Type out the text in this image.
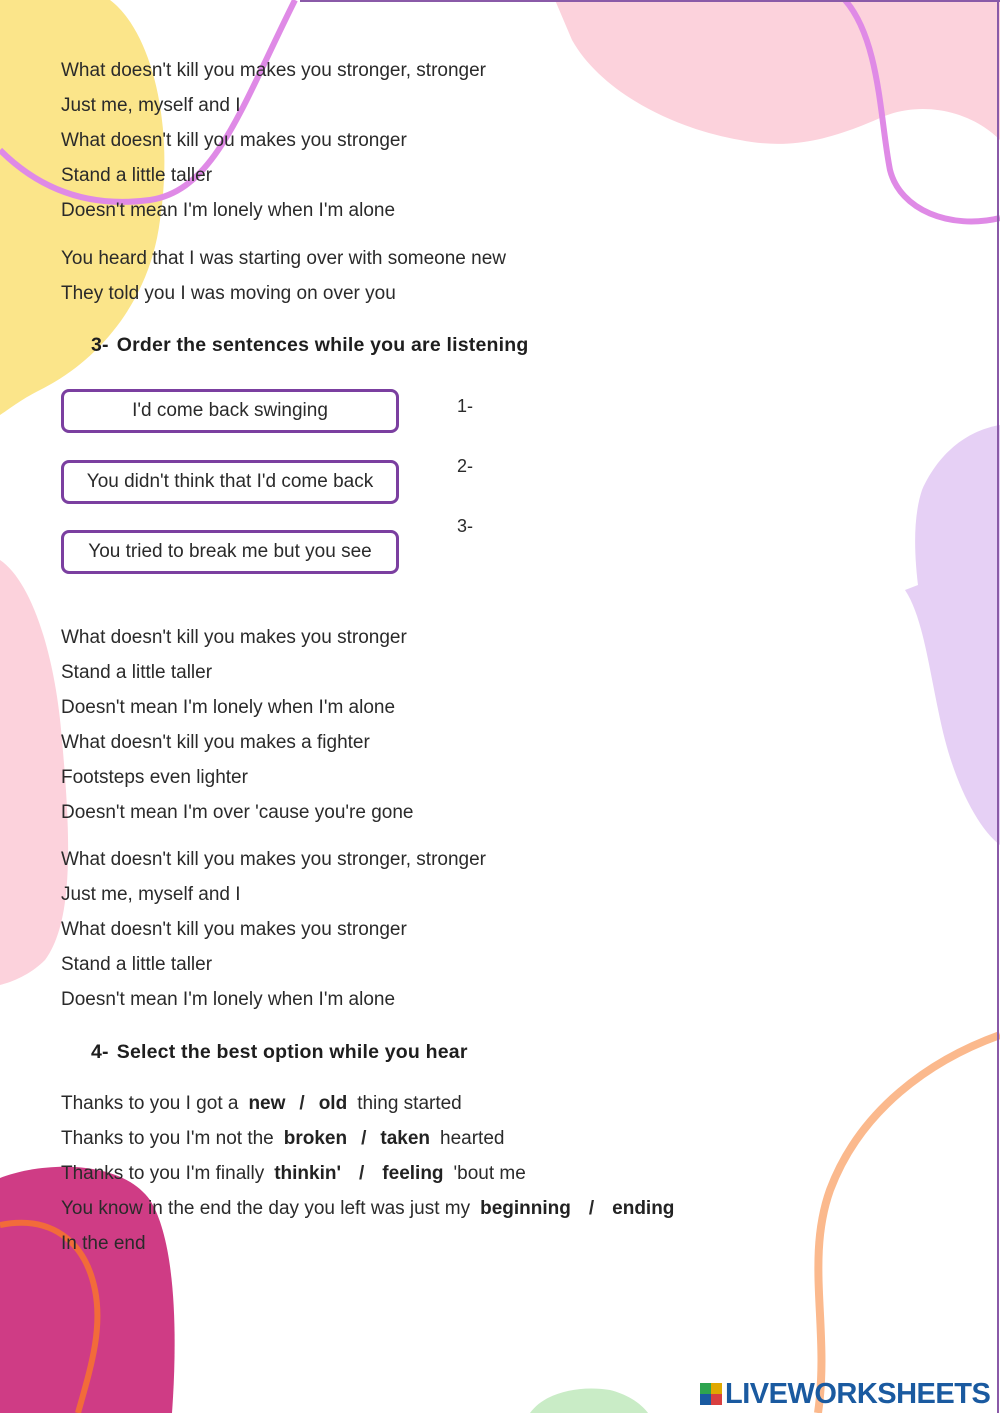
What doesn't kill you makes you stronger, stronger
Just me, myself and I
What doesn't kill you makes you stronger
Stand a little taller
Doesn't mean I'm lonely when I'm alone
You heard that I was starting over with someone new
They told you I was moving on over you
3- Order the sentences while you are listening
I'd come back swinging
You didn't think that I'd come back
You tried to break me but you see
1-
2-
3-
What doesn't kill you makes you stronger
Stand a little taller
Doesn't mean I'm lonely when I'm alone
What doesn't kill you makes a fighter
Footsteps even lighter
Doesn't mean I'm over 'cause you're gone
What doesn't kill you makes you stronger, stronger
Just me, myself and I
What doesn't kill you makes you stronger
Stand a little taller
Doesn't mean I'm lonely when I'm alone
4- Select the best option while you hear
Thanks to you I got a new / old thing started
Thanks to you I'm not the broken / taken hearted
Thanks to you I'm finally thinkin' / feeling 'bout me
You know in the end the day you left was just my beginning / ending
In the end
LIVEWORKSHEETS
